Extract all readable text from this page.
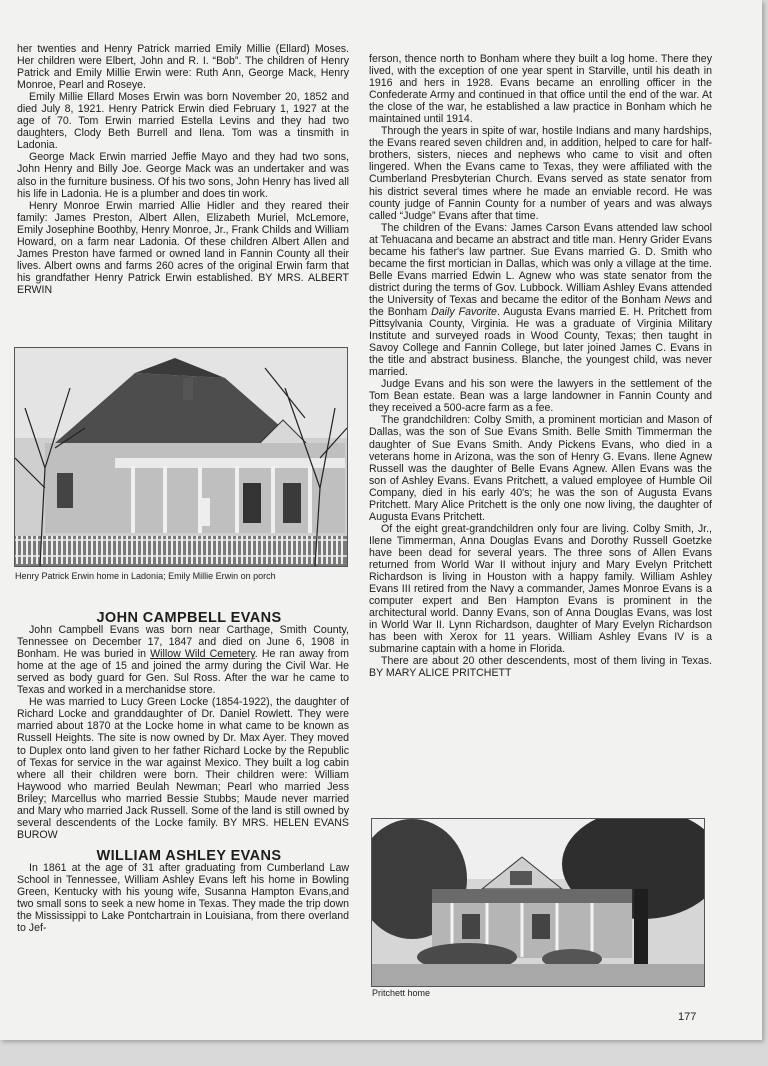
her twenties and Henry Patrick married Emily Millie (Ellard) Moses. Her children were Elbert, John and R. I. “Bob”. The children of Henry Patrick and Emily Millie Erwin were: Ruth Ann, George Mack, Henry Monroe, Pearl and Roseye.

Emily Millie Ellard Moses Erwin was born November 20, 1852 and died July 8, 1921. Henry Patrick Erwin died February 1, 1927 at the age of 70. Tom Erwin married Estella Levins and they had two daughters, Clody Beth Burrell and Ilena. Tom was a tinsmith in Ladonia.

George Mack Erwin married Jeffie Mayo and they had two sons, John Henry and Billy Joe. George Mack was an undertaker and was also in the furniture business. Of his two sons, John Henry has lived all his life in Ladonia. He is a plumber and does tin work.

Henry Monroe Erwin married Allie Hidler and they reared their family: James Preston, Albert Allen, Elizabeth Muriel, McLemore, Emily Josephine Boothby, Henry Monroe, Jr., Frank Childs and William Howard, on a farm near Ladonia. Of these children Albert Allen and James Preston have farmed or owned land in Fannin County all their lives. Albert owns and farms 260 acres of the original Erwin farm that his grandfather Henry Patrick Erwin established. BY MRS. ALBERT ERWIN

Henry Patrick Erwin home in Ladonia; Emily Millie Erwin on porch

JOHN CAMPBELL EVANS

John Campbell Evans was born near Carthage, Smith County, Tennessee on December 17, 1847 and died on June 6, 1908 in Bonham. He was buried in Willow Wild Cemetery. He ran away from home at the age of 15 and joined the army during the Civil War. He served as body guard for Gen. Sul Ross. After the war he came to Texas and worked in a merchanidse store.

He was married to Lucy Green Locke (1854-1922), the daughter of Richard Locke and granddaughter of Dr. Daniel Rowlett. They were married about 1870 at the Locke home in what came to be known as Russell Heights. The site is now owned by Dr. Max Ayer. They moved to Duplex onto land given to her father Richard Locke by the Republic of Texas for service in the war against Mexico. They built a log cabin where all their children were born. Their children were: William Haywood who married Beulah Newman; Pearl who married Jess Briley; Marcellus who married Bessie Stubbs; Maude never married and Mary who married Jack Russell. Some of the land is still owned by several descendents of the Locke family. BY MRS. HELEN EVANS BUROW

WILLIAM ASHLEY EVANS

In 1861 at the age of 31 after graduating from Cumberland Law School in Tennessee, William Ashley Evans left his home in Bowling Green, Kentucky with his young wife, Susanna Hampton Evans,and two small sons to seek a new home in Texas. They made the trip down the Mississippi to Lake Pontchartrain in Louisiana, from there overland to Jef-

ferson, thence north to Bonham where they built a log home. There they lived, with the exception of one year spent in Starville, until his death in 1916 and hers in 1928. Evans became an enrolling officer in the Confederate Army and continued in that office until the end of the war. At the close of the war, he established a law practice in Bonham which he maintained until 1914.

Through the years in spite of war, hostile Indians and many hardships, the Evans reared seven children and, in addition, helped to care for half-brothers, sisters, nieces and nephews who came to visit and often lingered. When the Evans came to Texas, they were affiliated with the Cumberland Presbyterian Church. Evans served as state senator from his district several times where he made an enviable record. He was county judge of Fannin County for a number of years and was always called “Judge” Evans after that time.

The children of the Evans: James Carson Evans attended law school at Tehuacana and became an abstract and title man. Henry Grider Evans became his father's law partner. Sue Evans married G. D. Smith who became the first mortician in Dallas, which was only a village at the time. Belle Evans married Edwin L. Agnew who was state senator from the district during the terms of Gov. Lubbock. William Ashley Evans attended the University of Texas and became the editor of the Bonham News and the Bonham Daily Favorite. Augusta Evans married E. H. Pritchett from Pittsylvania County, Virginia. He was a graduate of Virginia Military Institute and surveyed roads in Wood County, Texas; then taught in Savoy College and Fannin College, but later joined James C. Evans in the title and abstract business. Blanche, the youngest child, was never married.

Judge Evans and his son were the lawyers in the settlement of the Tom Bean estate. Bean was a large landowner in Fannin County and they received a 500-acre farm as a fee.

The grandchildren: Colby Smith, a prominent mortician and Mason of Dallas, was the son of Sue Evans Smith. Belle Smith Timmerman the daughter of Sue Evans Smith. Andy Pickens Evans, who died in a veterans home in Arizona, was the son of Henry G. Evans. Ilene Agnew Russell was the daughter of Belle Evans Agnew. Allen Evans was the son of Ashley Evans. Evans Pritchett, a valued employee of Humble Oil Company, died in his early 40's; he was the son of Augusta Evans Pritchett. Mary Alice Pritchett is the only one now living, the daughter of Augusta Evans Pritchett.

Of the eight great-grandchildren only four are living. Colby Smith, Jr., Ilene Timmerman, Anna Douglas Evans and Dorothy Russell Goetzke have been dead for several years. The three sons of Allen Evans returned from World War II without injury and Mary Evelyn Pritchett Richardson is living in Houston with a happy family. William Ashley Evans III retired from the Navy a commander, James Monroe Evans is a computer expert and Ben Hampton Evans is prominent in the architectural world. Danny Evans, son of Anna Douglas Evans, was lost in World War II. Lynn Richardson, daughter of Mary Evelyn Richardson has been with Xerox for 11 years. William Ashley Evans IV is a submarine captain with a home in Florida.

There are about 20 other descendents, most of them living in Texas. BY MARY ALICE PRITCHETT

Pritchett home
177
